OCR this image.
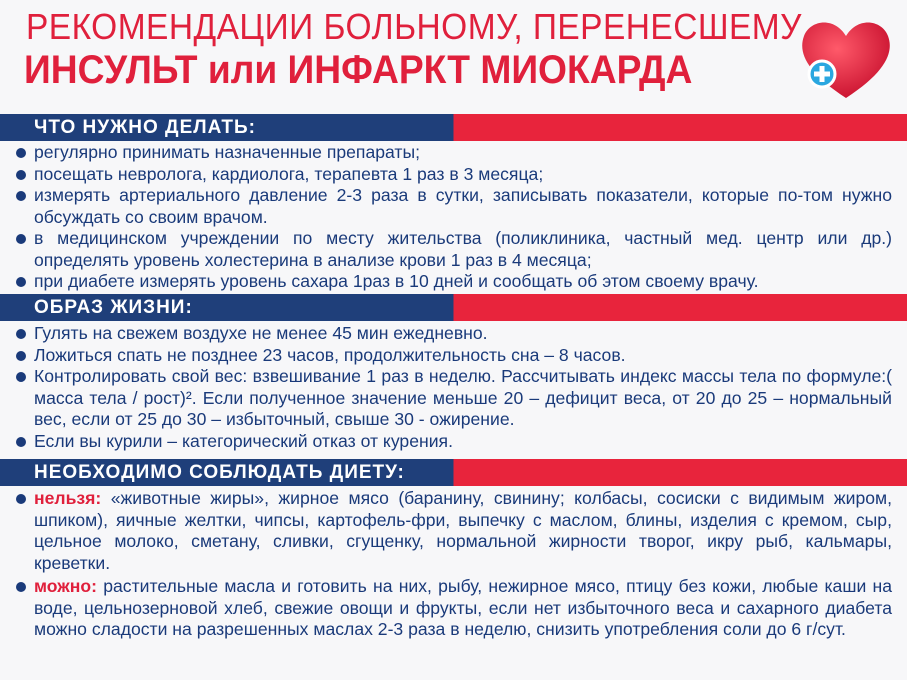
РЕКОМЕНДАЦИИ БОЛЬНОМУ, ПЕРЕНЕСШЕМУ
ИНСУЛЬТ или ИНФАРКТ МИОКАРДА
ЧТО НУЖНО ДЕЛАТЬ:
регулярно принимать назначенные препараты;
посещать невролога, кардиолога, терапевта 1 раз в 3 месяца;
измерять артериального давление 2-3 раза в сутки, записывать показатели, которые по-том нужно обсуждать со своим врачом.
в медицинском учреждении по месту жительства (поликлиника, частный мед. центр или др.) определять уровень холестерина в анализе крови 1 раз в 4 месяца;
при диабете измерять уровень сахара 1раз в 10 дней и сообщать об этом своему врачу.
ОБРАЗ ЖИЗНИ:
Гулять на свежем воздухе не менее 45 мин ежедневно.
Ложиться спать не позднее 23 часов, продолжительность сна – 8 часов.
Контролировать свой вес: взвешивание 1 раз в неделю. Рассчитывать индекс массы тела по формуле:( масса тела / рост)². Если полученное значение меньше 20 – дефицит веса, от 20 до 25 – нормальный вес, если от 25 до 30 – избыточный, свыше 30 - ожирение.
Если вы курили – категорический отказ от курения.
НЕОБХОДИМО СОБЛЮДАТЬ ДИЕТУ:
нельзя: «животные жиры», жирное мясо (баранину, свинину; колбасы, сосиски с видимым жиром, шпиком), яичные желтки, чипсы, картофель-фри, выпечку с маслом, блины, изделия с кремом, сыр, цельное молоко, сметану, сливки, сгущенку, нормальной жирности творог, икру рыб, кальмары, креветки.
можно: растительные масла и готовить на них, рыбу, нежирное мясо, птицу без кожи, любые каши на воде, цельнозерновой хлеб, свежие овощи и фрукты, если нет избыточного веса и сахарного диабета можно сладости на разрешенных маслах 2-3 раза в неделю, снизить употребления соли до 6 г/сут.
